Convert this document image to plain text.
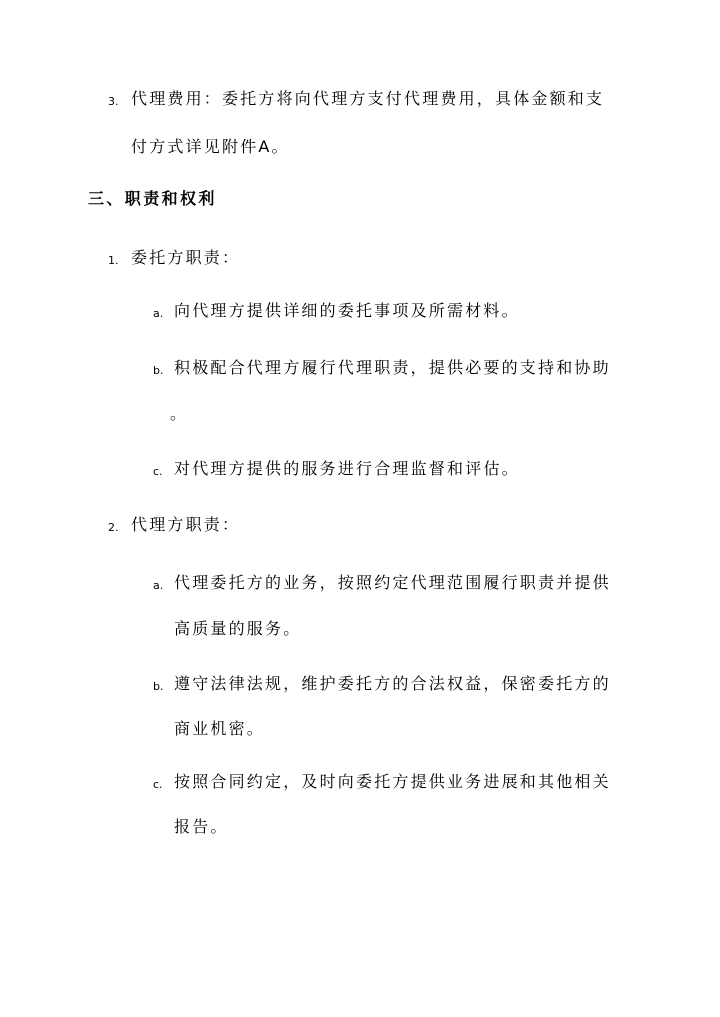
3. 代理费用：委托方将向代理方支付代理费用，具体金额和支
付方式详见附件A。
三、职责和权利
1. 委托方职责：
a. 向代理方提供详细的委托事项及所需材料。
b. 积极配合代理方履行代理职责，提供必要的支持和协助
。
c. 对代理方提供的服务进行合理监督和评估。
2. 代理方职责：
a. 代理委托方的业务，按照约定代理范围履行职责并提供
高质量的服务。
b. 遵守法律法规，维护委托方的合法权益，保密委托方的
商业机密。
c. 按照合同约定，及时向委托方提供业务进展和其他相关
报告。
